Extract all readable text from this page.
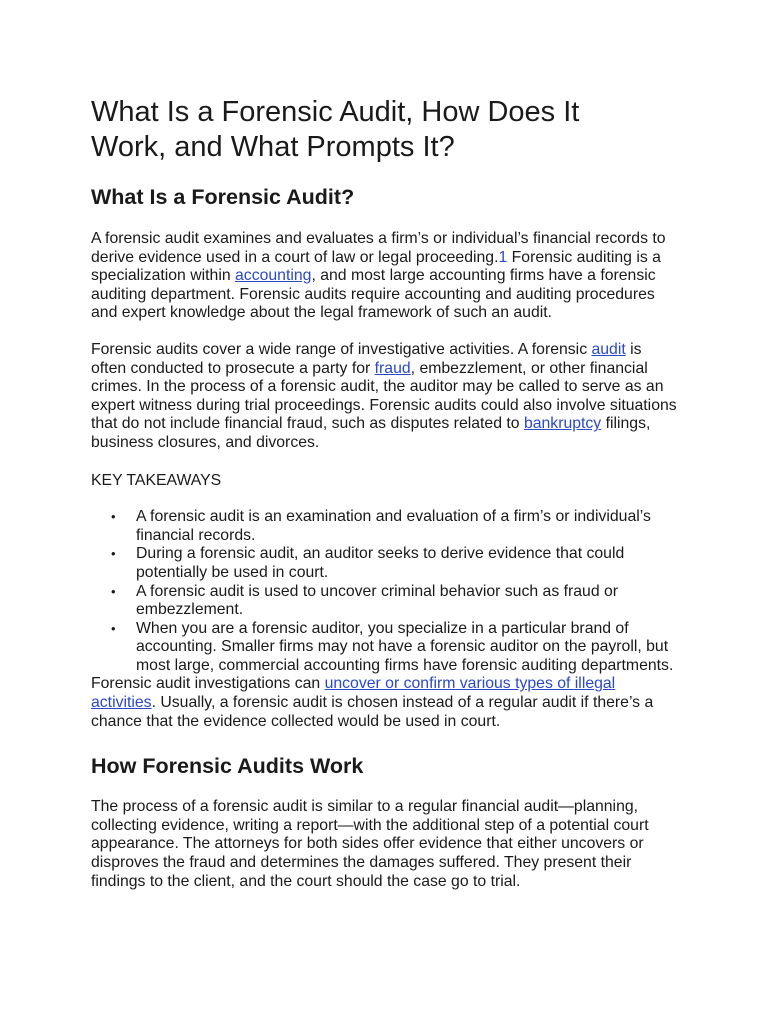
What Is a Forensic Audit, How Does It
Work, and What Prompts It?
What Is a Forensic Audit?

A forensic audit examines and evaluates a firm’s or individual’s financial records to
derive evidence used in a court of law or legal proceeding.1 Forensic auditing is a
specialization within accounting, and most large accounting firms have a forensic
auditing department. Forensic audits require accounting and auditing procedures
and expert knowledge about the legal framework of such an audit.

Forensic audits cover a wide range of investigative activities. A forensic audit is
often conducted to prosecute a party for fraud, embezzlement, or other financial
crimes. In the process of a forensic audit, the auditor may be called to serve as an
expert witness during trial proceedings. Forensic audits could also involve situations
that do not include financial fraud, such as disputes related to bankruptcy filings,
business closures, and divorces.

KEY TAKEAWAYS

• A forensic audit is an examination and evaluation of a firm’s or individual’s
financial records.
• During a forensic audit, an auditor seeks to derive evidence that could
potentially be used in court.
• A forensic audit is used to uncover criminal behavior such as fraud or
embezzlement.
• When you are a forensic auditor, you specialize in a particular brand of
accounting. Smaller firms may not have a forensic auditor on the payroll, but
most large, commercial accounting firms have forensic auditing departments.

Forensic audit investigations can uncover or confirm various types of illegal
activities. Usually, a forensic audit is chosen instead of a regular audit if there’s a
chance that the evidence collected would be used in court.

How Forensic Audits Work

The process of a forensic audit is similar to a regular financial audit—planning,
collecting evidence, writing a report—with the additional step of a potential court
appearance. The attorneys for both sides offer evidence that either uncovers or
disproves the fraud and determines the damages suffered. They present their
findings to the client, and the court should the case go to trial.
